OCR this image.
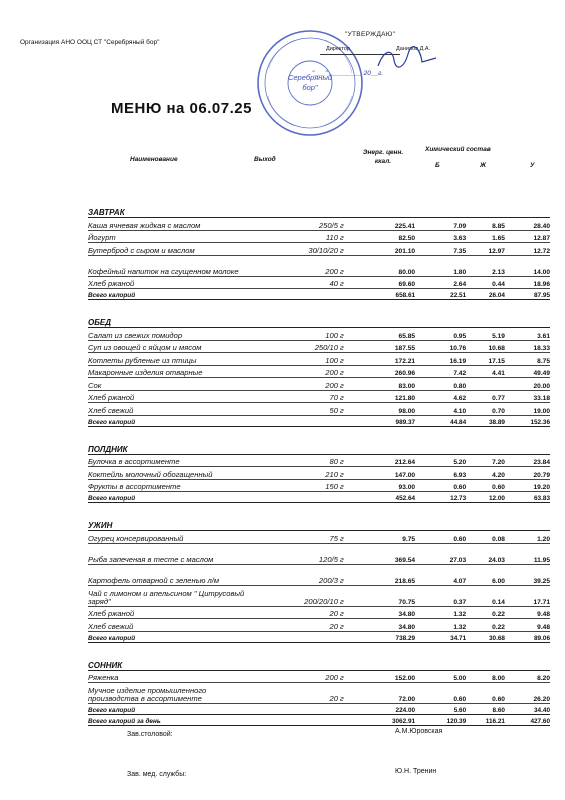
Организация АНО ООЦ СТ "Серебряный бор"
Серебряный
бор"
"УТВЕРЖДАЮ"
Директор	Данилов Д.А.
"___" _________ 20__г.
МЕНЮ на 06.07.25
Наименование	Выход
Энерг. ценн. ккал.
Химический состав
Б	Ж	У

ЗАВТРАК					
Каша ячневая жидкая с маслом	250/5 г	225.41	7.09	8.85	28.40
Йогурт	110 г	82.50	3.63	1.65	12.87
Бутерброд с сыром и маслом	30/10/20 г	201.10	7.35	12.97	12.72
Кофейный напиток на сгущенном молоке	200 г	80.00	1.80	2.13	14.00
Хлеб ржаной	40 г	69.60	2.64	0.44	18.96
Всего калорий		658.61	22.51	26.04	87.95

ОБЕД					
Салат из свежих помидор	100 г	65.85	0.95	5.19	3.61
Суп из овощей с яйцом и мясом	250/10 г	187.55	10.76	10.68	18.33
Котлеты рубленые из птицы	100 г	172.21	16.19	17.15	8.75
Макаронные изделия отварные	200 г	260.96	7.42	4.41	49.49
Сок	200 г	83.00	0.80		20.00
Хлеб ржаной	70 г	121.80	4.62	0.77	33.18
Хлеб свежий	50 г	98.00	4.10	0.70	19.00
Всего калорий		989.37	44.84	38.89	152.36

ПОЛДНИК					
Булочка в ассортименте	80 г	212.64	5.20	7.20	23.84
Коктейль молочный обогащенный	210 г	147.00	6.93	4.20	20.79
Фрукты в ассортименте	150 г	93.00	0.60	0.60	19.20
Всего калорий		452.64	12.73	12.00	63.83

УЖИН					
Огурец консервированный	75 г	9.75	0.60	0.08	1.20
Рыба запеченая в тесте с маслом	120/5 г	369.54	27.03	24.03	11.95
Картофель отварной с зеленью л/м	200/3 г	218.65	4.07	6.00	39.25
Чай с лимоном и апельсином " Цитрусовый заряд"	200/20/10 г	70.75	0.37	0.14	17.71
Хлеб ржаной	20 г	34.80	1.32	0.22	9.48
Хлеб свежий	20 г	34.80	1.32	0.22	9.48
Всего калорий		738.29	34.71	30.68	89.06

СОННИК					
Ряженка	200 г	152.00	5.00	8.00	8.20
Мучное изделие промышленного производства в ассортименте	20 г	72.00	0.60	0.60	26.20
Всего калорий		224.00	5.60	8.60	34.40
Всего калорий за день		3062.91	120.39	116.21	427.60
Зав.столовой:	А.М.Юровская
Зав. мед. службы:	Ю.Н. Тренин
